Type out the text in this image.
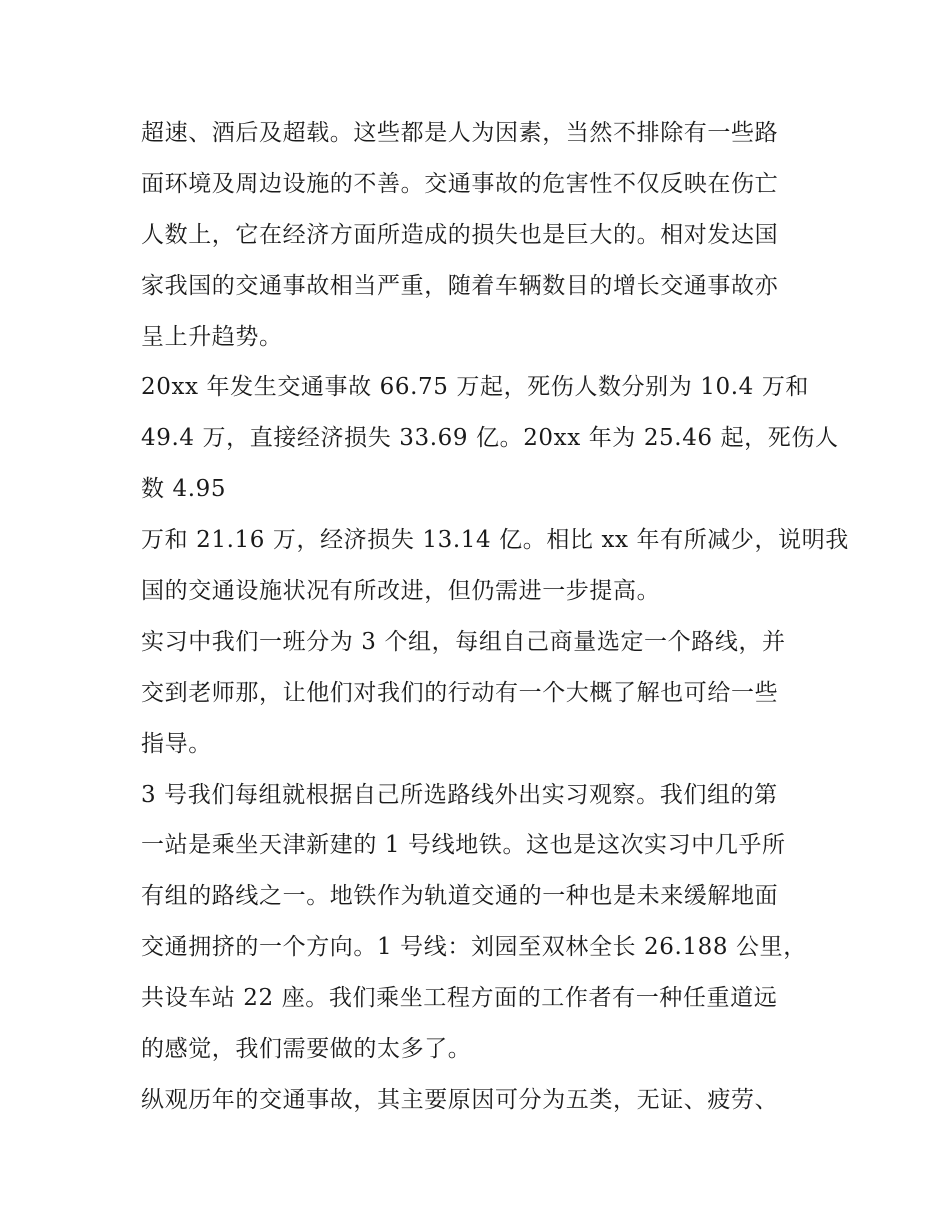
超速、酒后及超载。这些都是人为因素，当然不排除有一些路
面环境及周边设施的不善。交通事故的危害性不仅反映在伤亡
人数上，它在经济方面所造成的损失也是巨大的。相对发达国
家我国的交通事故相当严重，随着车辆数目的增长交通事故亦
呈上升趋势。
20xx 年发生交通事故 66.75 万起，死伤人数分别为 10.4 万和
49.4 万，直接经济损失 33.69 亿。20xx 年为 25.46 起，死伤人
数 4.95
万和 21.16 万，经济损失 13.14 亿。相比 xx 年有所减少，说明我
国的交通设施状况有所改进，但仍需进一步提高。
实习中我们一班分为 3 个组，每组自己商量选定一个路线，并
交到老师那，让他们对我们的行动有一个大概了解也可给一些
指导。
3 号我们每组就根据自己所选路线外出实习观察。我们组的第
一站是乘坐天津新建的 1 号线地铁。这也是这次实习中几乎所
有组的路线之一。地铁作为轨道交通的一种也是未来缓解地面
交通拥挤的一个方向。1 号线：刘园至双林全长 26.188 公里，
共设车站 22 座。我们乘坐工程方面的工作者有一种任重道远
的感觉，我们需要做的太多了。
纵观历年的交通事故，其主要原因可分为五类，无证、疲劳、
